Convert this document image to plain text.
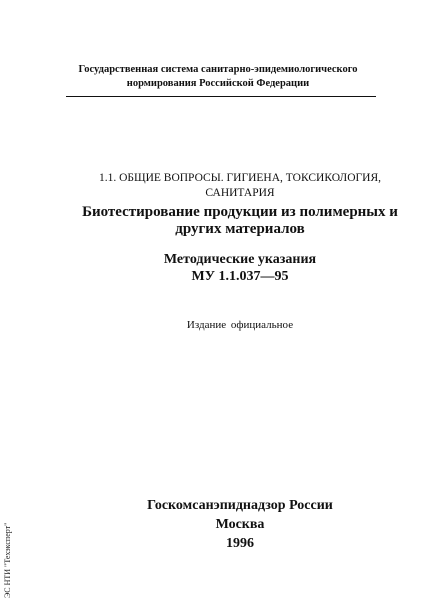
Государственная система санитарно-эпидемиологического
нормирования Российской Федерации
1.1. ОБЩИЕ ВОПРОСЫ. ГИГИЕНА, ТОКСИКОЛОГИЯ,
САНИТАРИЯ
Биотестирование продукции из полимерных и
других материалов
Методические указания
МУ 1.1.037—95
Издание официальное
Госкомсанэпиднадзор России
Москва
1996
ЭС НТИ "Техэксперт"
